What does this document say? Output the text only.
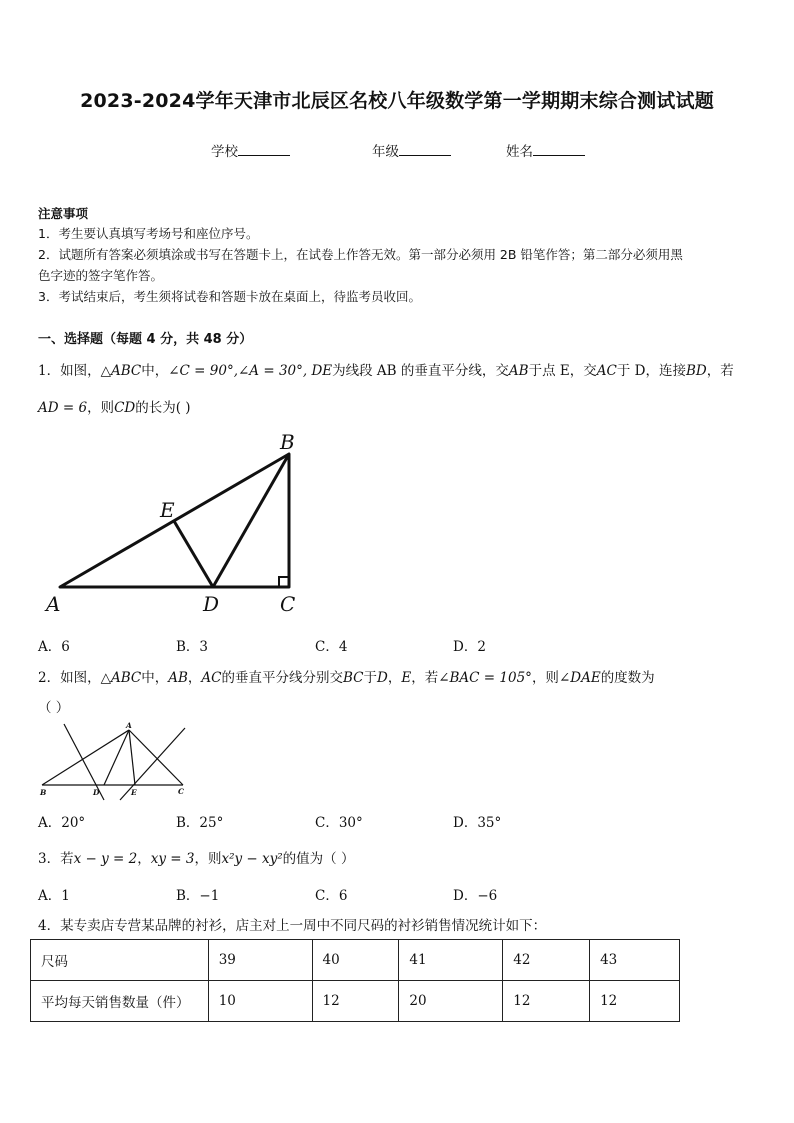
2023-2024学年天津市北辰区名校八年级数学第一学期期末综合测试试题
学校	年级	姓名
注意事项
1．考生要认真填写考场号和座位序号。
2．试题所有答案必须填涂或书写在答题卡上，在试卷上作答无效。第一部分必须用 2B 铅笔作答；第二部分必须用黑
色字迹的签字笔作答。
3．考试结束后，考生须将试卷和答题卡放在桌面上，待监考员收回。
一、选择题（每题 4 分，共 48 分）
1．如图，△ABC中，∠C = 90°,∠A = 30°, DE为线段 AB 的垂直平分线，交AB于点 E，交AC于 D，连接BD，若
AD = 6，则CD的长为( )
A
B
C
D
E
A．6	B．3	C．4	D．2
2．如图，△ABC中，AB，AC的垂直平分线分别交BC于D，E，若∠BAC = 105°，则∠DAE的度数为
（ ）
A
B	C
D	E
A．20°	B．25°	C．30°	D．35°
3．若x − y = 2，xy = 3，则x²y − xy²的值为（ ）
A．1	B．−1	C．6	D．−6
4．某专卖店专营某品牌的衬衫，店主对上一周中不同尺码的衬衫销售情况统计如下：
尺码	39	40	41	42	43
平均每天销售数量（件）	10	12	20	12	12
